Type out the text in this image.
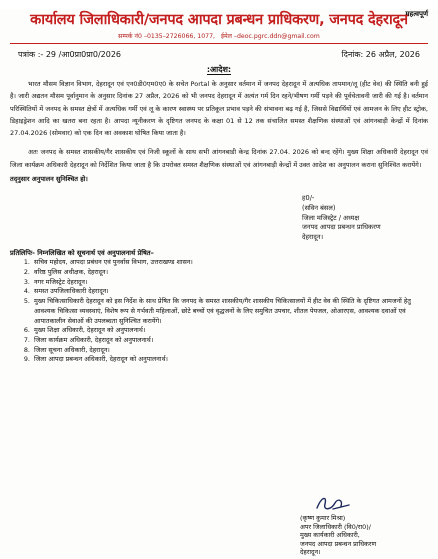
महत्वपूर्ण
कार्यालय जिलाधिकारी/जनपद आपदा प्रबन्धन प्राधिकरण, जनपद देहरादून
सम्पर्क नं0 –0135–2726066, 1077, ईमेल –deoc.pgrc.ddn@gmail.com
पत्रांक :- 29 /आ0प्रा0प्रा0/2026	दिनांक: 26 अप्रैल, 2026
:आदेश:

भारत मौसम विज्ञान विभाग, देहरादून एवं एन0डी0एम0ए0 के सचेत Portal के अनुसार वर्तमान में जनपद देहरादून में अत्यधिक तापमान/लू (हीट वेव) की स्थिति बनी हुई है। जारी अद्यतन मौसम पूर्वानुमान के अनुसार दिनांक 27 अप्रैल, 2026 को भी जनपद देहरादून में अत्यंत गर्म दिन रहने/भीषण गर्मी पड़ने की पूर्वचेतावनी जारी की गई है। वर्तमान परिस्थितियों में जनपद के समस्त क्षेत्रों में अत्यधिक गर्मी एवं लू के कारण स्वास्थ्य पर प्रतिकूल प्रभाव पड़ने की संभावना बढ़ गई है, जिससे विद्यार्थियों एवं आमजन के लिए हीट स्ट्रोक, डिहाइड्रेशन आदि का खतरा बना रहता है। आपदा न्यूनीकरण के दृष्टिगत जनपद के कक्षा 01 से 12 तक संचालित समस्त शैक्षणिक संस्थाओं एवं आंगनबाड़ी केन्द्रों में दिनांक 27.04.2026 (सोमवार) को एक दिन का अवकाश घोषित किया जाता है।

अतः जनपद के समस्त शासकीय/गैर शासकीय एवं निजी स्कूलों के साथ सभी आंगनबाडी केन्द्र दिनांक 27.04. 2026 को बन्द रहेंगे। मुख्य शिक्षा अधिकारी देहरादून एवं जिला कार्यक्रम अधिकारी देहरादून को निर्देशित किया जाता है कि उपरोक्त समस्त शैक्षणिक संस्थाओं एवं आंगनबाड़ी केन्द्रों में उक्त आदेश का अनुपालन कराना सुनिश्चित करायेंगे।

तद्नुसार अनुपालन सुनिश्चित हो।

ह0/-
(सविन बंसल)
जिला मजिस्ट्रेट / अध्यक्ष
जनपद आपदा प्रबन्धन प्राधिकरण
देहरादून।
प्रतिलिपिः- निम्नलिखित को सूचनार्थ एवं अनुपालनार्थ प्रेषित–
1. सचिव महोदय, आपदा प्रबंधन एवं पुनर्वास विभाग, उत्तराखण्ड शासन।
2. वरिष्ठ पुलिस अधीक्षक, देहरादून।
3. नगर मजिस्ट्रेट देहरादून।
4. समस्त उपजिलाधिकारी देहरादून।
5. मुख्य चिकित्साधिकारी देहरादून को इस निर्देश के साथ प्रेषित कि जनपद के समस्त शासकीय/गैर शासकीय चिकित्सालयों में हीट वेव की स्थिति के दृष्टिगत आमजनों हेतु आवश्यक चिकित्सा व्यवस्थाएं, विशेष रूप से गर्भवती महिलाओं, छोटे बच्चों एवं वृद्धजनों के लिए समुचित उपचार, शीतल पेयजल, ओआरएस, आवश्यक दवाओं एवं आपातकालीन सेवाओं की उपलब्धता सुनिश्चित करायेंगे।
6. मुख्य शिक्षा अधिकारी, देहरादून को अनुपालनार्थ।
7. जिला कार्यक्रम अधिकारी, देहरादून को अनुपालनार्थ।
8. जिला सूचना अधिकारी, देहरादून।
9. जिला आपदा प्रबन्धन अधिकारी, देहरादून को अनुपालनार्थ।
(कृष्ण कुमार मिश्रा)
अपर जिलाधिकारी (वि0/रा0)/
मुख्य कार्यकारी अधिकारी,
जनपद आपदा प्रबन्धन प्राधिकरण
देहरादून।
